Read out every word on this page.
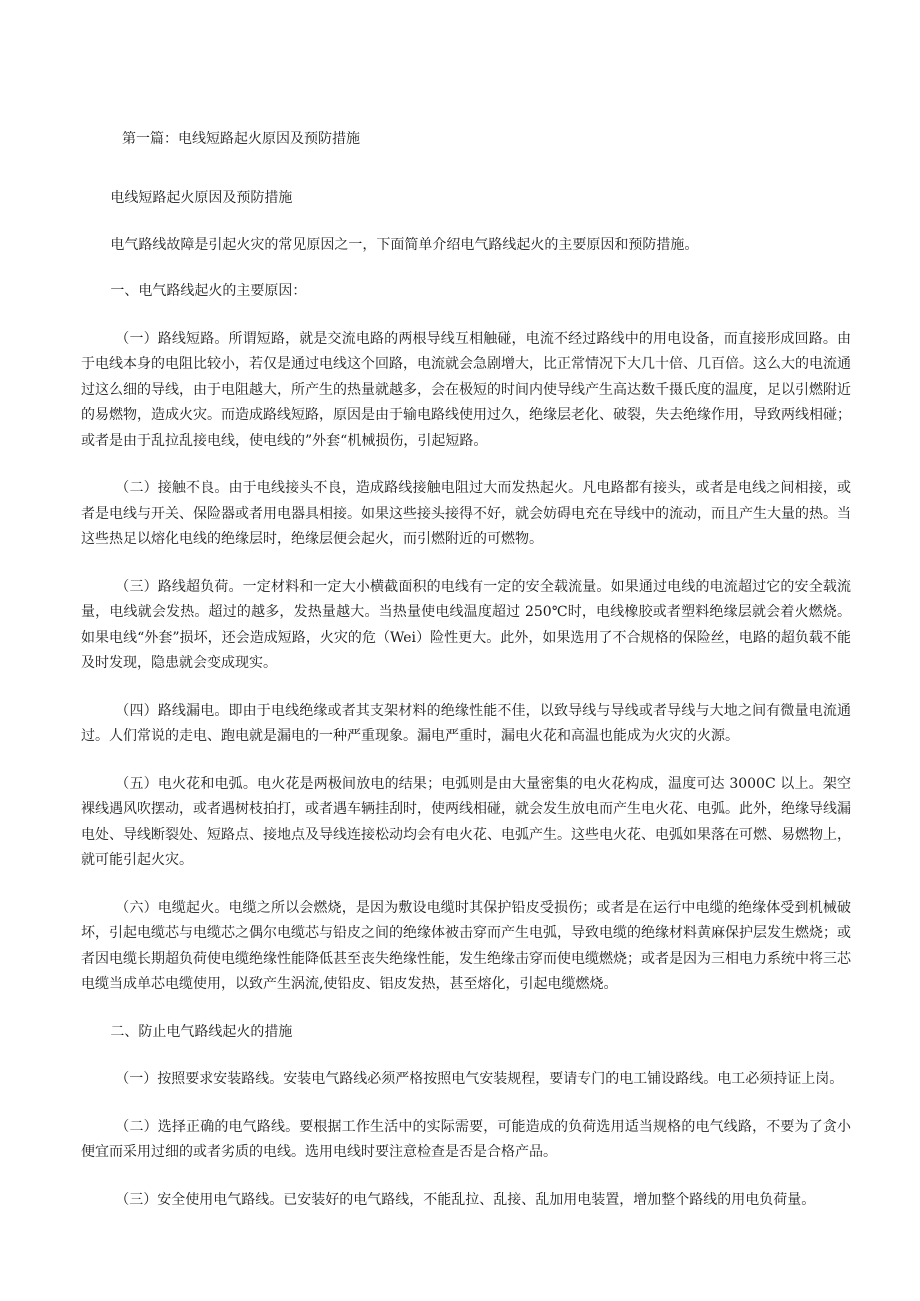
第一篇：电线短路起火原因及预防措施

电线短路起火原因及预防措施

电气路线故障是引起火灾的常见原因之一，下面简单介绍电气路线起火的主要原因和预防措施。

一、电气路线起火的主要原因：

（一）路线短路。所谓短路，就是交流电路的两根导线互相触碰，电流不经过路线中的用电设备，而直接形成回路。由于电线本身的电阻比较小，若仅是通过电线这个回路，电流就会急剧增大，比正常情况下大几十倍、几百倍。这么大的电流通过这么细的导线，由于电阻越大，所产生的热量就越多，会在极短的时间内使导线产生高达数千摄氏度的温度，足以引燃附近的易燃物，造成火灾。而造成路线短路，原因是由于输电路线使用过久，绝缘层老化、破裂，失去绝缘作用，导致两线相碰；或者是由于乱拉乱接电线，使电线的”外套“机械损伤，引起短路。

（二）接触不良。由于电线接头不良，造成路线接触电阻过大而发热起火。凡电路都有接头，或者是电线之间相接，或者是电线与开关、保险器或者用电器具相接。如果这些接头接得不好，就会妨碍电充在导线中的流动，而且产生大量的热。当这些热足以熔化电线的绝缘层时，绝缘层便会起火，而引燃附近的可燃物。

（三）路线超负荷。一定材料和一定大小横截面积的电线有一定的安全载流量。如果通过电线的电流超过它的安全载流量，电线就会发热。超过的越多，发热量越大。当热量使电线温度超过 250℃时，电线橡胶或者塑料绝缘层就会着火燃烧。如果电线“外套”损坏，还会造成短路，火灾的危（Wei）险性更大。此外，如果选用了不合规格的保险丝，电路的超负载不能及时发现，隐患就会变成现实。

（四）路线漏电。即由于电线绝缘或者其支架材料的绝缘性能不佳，以致导线与导线或者导线与大地之间有微量电流通过。人们常说的走电、跑电就是漏电的一种严重现象。漏电严重时，漏电火花和高温也能成为火灾的火源。

（五）电火花和电弧。电火花是两极间放电的结果；电弧则是由大量密集的电火花构成，温度可达 3000C 以上。架空裸线遇风吹摆动，或者遇树枝拍打，或者遇车辆挂刮时，使两线相碰，就会发生放电而产生电火花、电弧。此外，绝缘导线漏电处、导线断裂处、短路点、接地点及导线连接松动均会有电火花、电弧产生。这些电火花、电弧如果落在可燃、易燃物上，就可能引起火灾。

（六）电缆起火。电缆之所以会燃烧，是因为敷设电缆时其保护铅皮受损伤；或者是在运行中电缆的绝缘体受到机械破坏，引起电缆芯与电缆芯之偶尔电缆芯与铅皮之间的绝缘体被击穿而产生电弧，导致电缆的绝缘材料黄麻保护层发生燃烧；或者因电缆长期超负荷使电缆绝缘性能降低甚至丧失绝缘性能，发生绝缘击穿而使电缆燃烧；或者是因为三相电力系统中将三芯电缆当成单芯电缆使用，以致产生涡流,使铅皮、铝皮发热，甚至熔化，引起电缆燃烧。

二、防止电气路线起火的措施

（一）按照要求安装路线。安装电气路线必须严格按照电气安装规程，要请专门的电工铺设路线。电工必须持证上岗。

（二）选择正确的电气路线。要根据工作生活中的实际需要，可能造成的负荷选用适当规格的电气线路，不要为了贪小便宜而采用过细的或者劣质的电线。选用电线时要注意检查是否是合格产品。

（三）安全使用电气路线。已安装好的电气路线，不能乱拉、乱接、乱加用电装置，增加整个路线的用电负荷量。
